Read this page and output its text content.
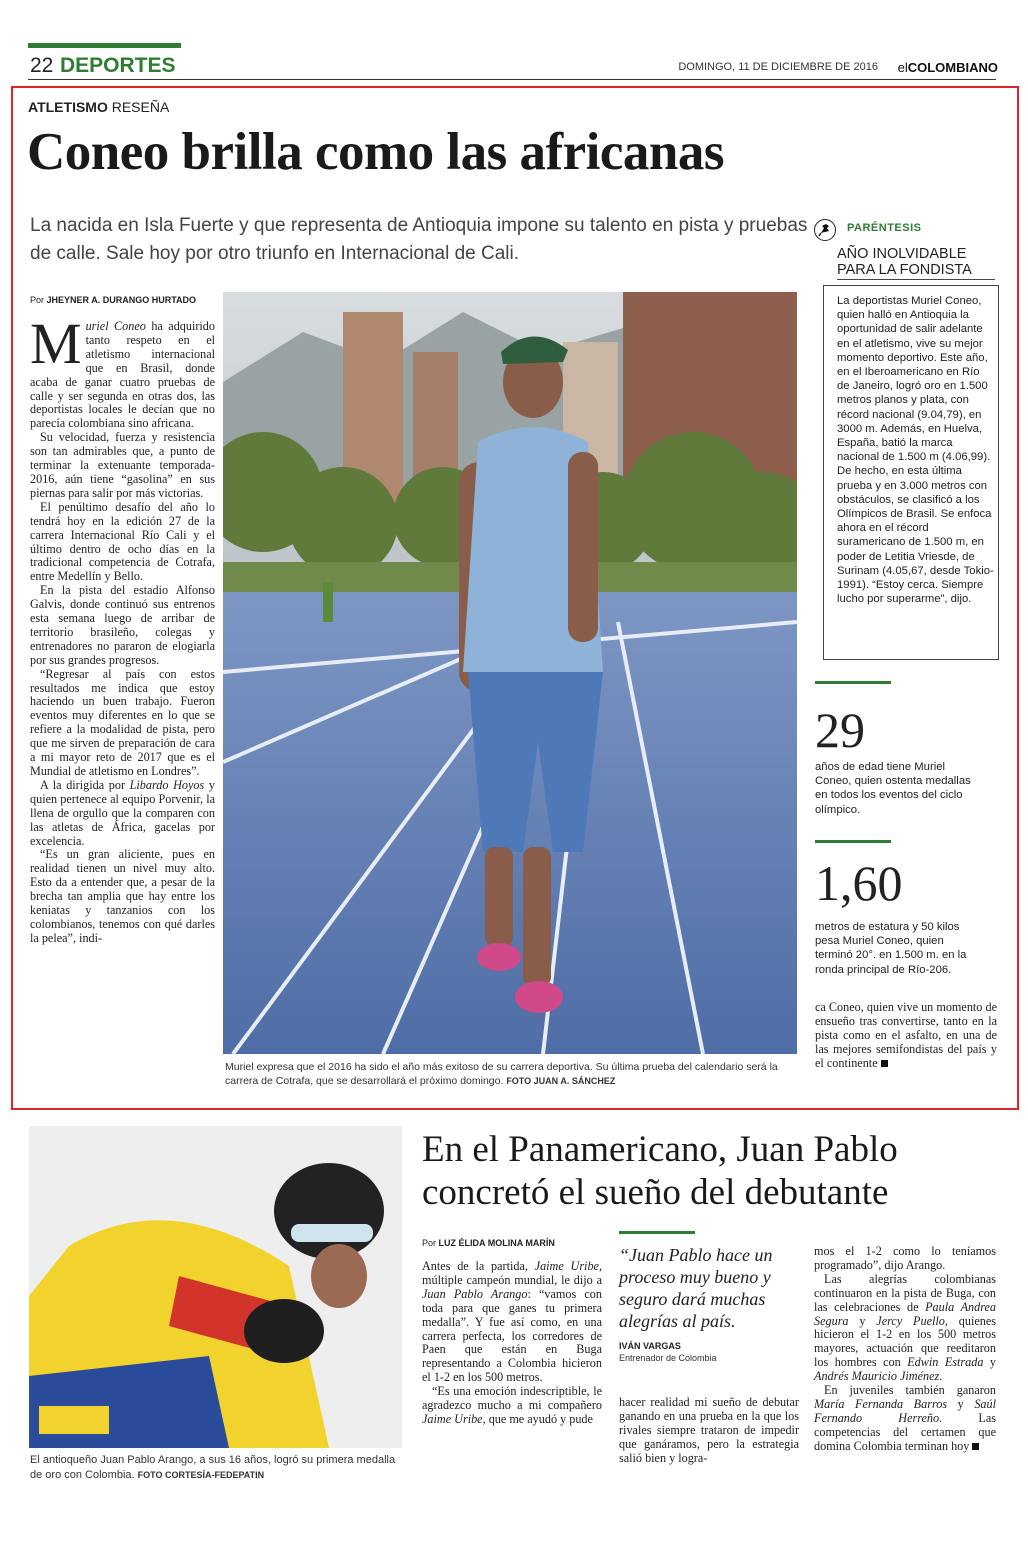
22 DEPORTES	DOMINGO, 11 DE DICIEMBRE DE 2016 elCOLOMBIANO
ATLETISMO RESEÑA
Coneo brilla como las africanas
La nacida en Isla Fuerte y que representa de Antioquia impone su talento en pista y pruebas de calle. Sale hoy por otro triunfo en Internacional de Cali.
Por JHEYNER A. DURANGO HURTADO

Muriel Coneo ha adquirido tanto respeto en el atletismo internacional que en Brasil, donde acaba de ganar cuatro pruebas de calle y ser segunda en otras dos, las deportistas locales le decían que no parecía colombiana sino africana.

Su velocidad, fuerza y resistencia son tan admirables que, a punto de terminar la extenuante temporada-2016, aún tiene “gasolina” en sus piernas para salir por más victorias.

El penúltimo desafío del año lo tendrá hoy en la edición 27 de la carrera Internacional Río Cali y el último dentro de ocho días en la tradicional competencia de Cotrafa, entre Medellín y Bello.

En la pista del estadio Alfonso Galvis, donde continuó sus entrenos esta semana luego de arribar de territorio brasileño, colegas y entrenadores no pararon de elogiarla por sus grandes progresos.

“Regresar al país con estos resultados me indica que estoy haciendo un buen trabajo. Fueron eventos muy diferentes en lo que se refiere a la modalidad de pista, pero que me sirven de preparación de cara a mi mayor reto de 2017 que es el Mundial de atletismo en Londres”.

A la dirigida por Libardo Hoyos y quien pertenece al equipo Porvenir, la llena de orgullo que la comparen con las atletas de África, gacelas por excelencia.

“Es un gran aliciente, pues en realidad tienen un nivel muy alto. Esto da a entender que, a pesar de la brecha tan amplia que hay entre los keniatas y tanzanios con los colombianos, tenemos con qué darles la pelea”, indi-

Muriel expresa que el 2016 ha sido el año más exitoso de su carrera deportiva. Su última prueba del calendario será la carrera de Cotrafa, que se desarrollará el próximo domingo. FOTO JUAN A. SÁNCHEZ
PARÉNTESIS
AÑO INOLVIDABLE
PARA LA FONDISTA
La deportistas Muriel Coneo, quien halló en Antioquia la oportunidad de salir adelante en el atletismo, vive su mejor momento deportivo. Este año, en el Iberoamericano en Río de Janeiro, logró oro en 1.500 metros planos y plata, con récord nacional (9.04,79), en 3000 m. Además, en Huelva, España, batió la marca nacional de 1.500 m (4.06,99). De hecho, en esta última prueba y en 3.000 metros con obstáculos, se clasificó a los Olímpicos de Brasil. Se enfoca ahora en el récord suramericano de 1.500 m, en poder de Letitia Vriesde, de Surinam (4.05,67, desde Tokio-1991). “Estoy cerca. Siempre lucho por superarme”, dijo.
29
años de edad tiene Muriel Coneo, quien ostenta medallas en todos los eventos del ciclo olímpico.
1,60
metros de estatura y 50 kilos pesa Muriel Coneo, quien terminó 20°. en 1.500 m. en la ronda principal de Río-206.
ca Coneo, quien vive un momento de ensueño tras convertirse, tanto en la pista como en el asfalto, en una de las mejores semifondistas del país y el continente
El antioqueño Juan Pablo Arango, a sus 16 años, logró su primera medalla de oro con Colombia. FOTO CORTESÍA-FEDEPATIN
En el Panamericano, Juan Pablo concretó el sueño del debutante
Por LUZ ÉLIDA MOLINA MARÍN

Antes de la partida, Jaime Uribe, múltiple campeón mundial, le dijo a Juan Pablo Arango: “vamos con toda para que ganes tu primera medalla”. Y fue así como, en una carrera perfecta, los corredores de Paen que están en Buga representando a Colombia hicieron el 1-2 en los 500 metros.

“Es una emoción indescriptible, le agradezco mucho a mi compañero Jaime Uribe, que me ayudó y pude

“Juan Pablo hace un proceso muy bueno y seguro dará muchas alegrías al país.
IVÁN VARGAS
Entrenador de Colombia

hacer realidad mi sueño de debutar ganando en una prueba en la que los rivales siempre trataron de impedir que ganáramos, pero la estrategia salió bien y logra-

mos el 1-2 como lo teníamos programado”, dijo Arango.

Las alegrías colombianas continuaron en la pista de Buga, con las celebraciones de Paula Andrea Segura y Jercy Puello, quienes hicieron el 1-2 en los 500 metros mayores, actuación que reeditaron los hombres con Edwin Estrada y Andrés Mauricio Jiménez.

En juveniles también ganaron María Fernanda Barros y Saúl Fernando Herreño. Las competencias del certamen que domina Colombia terminan hoy
